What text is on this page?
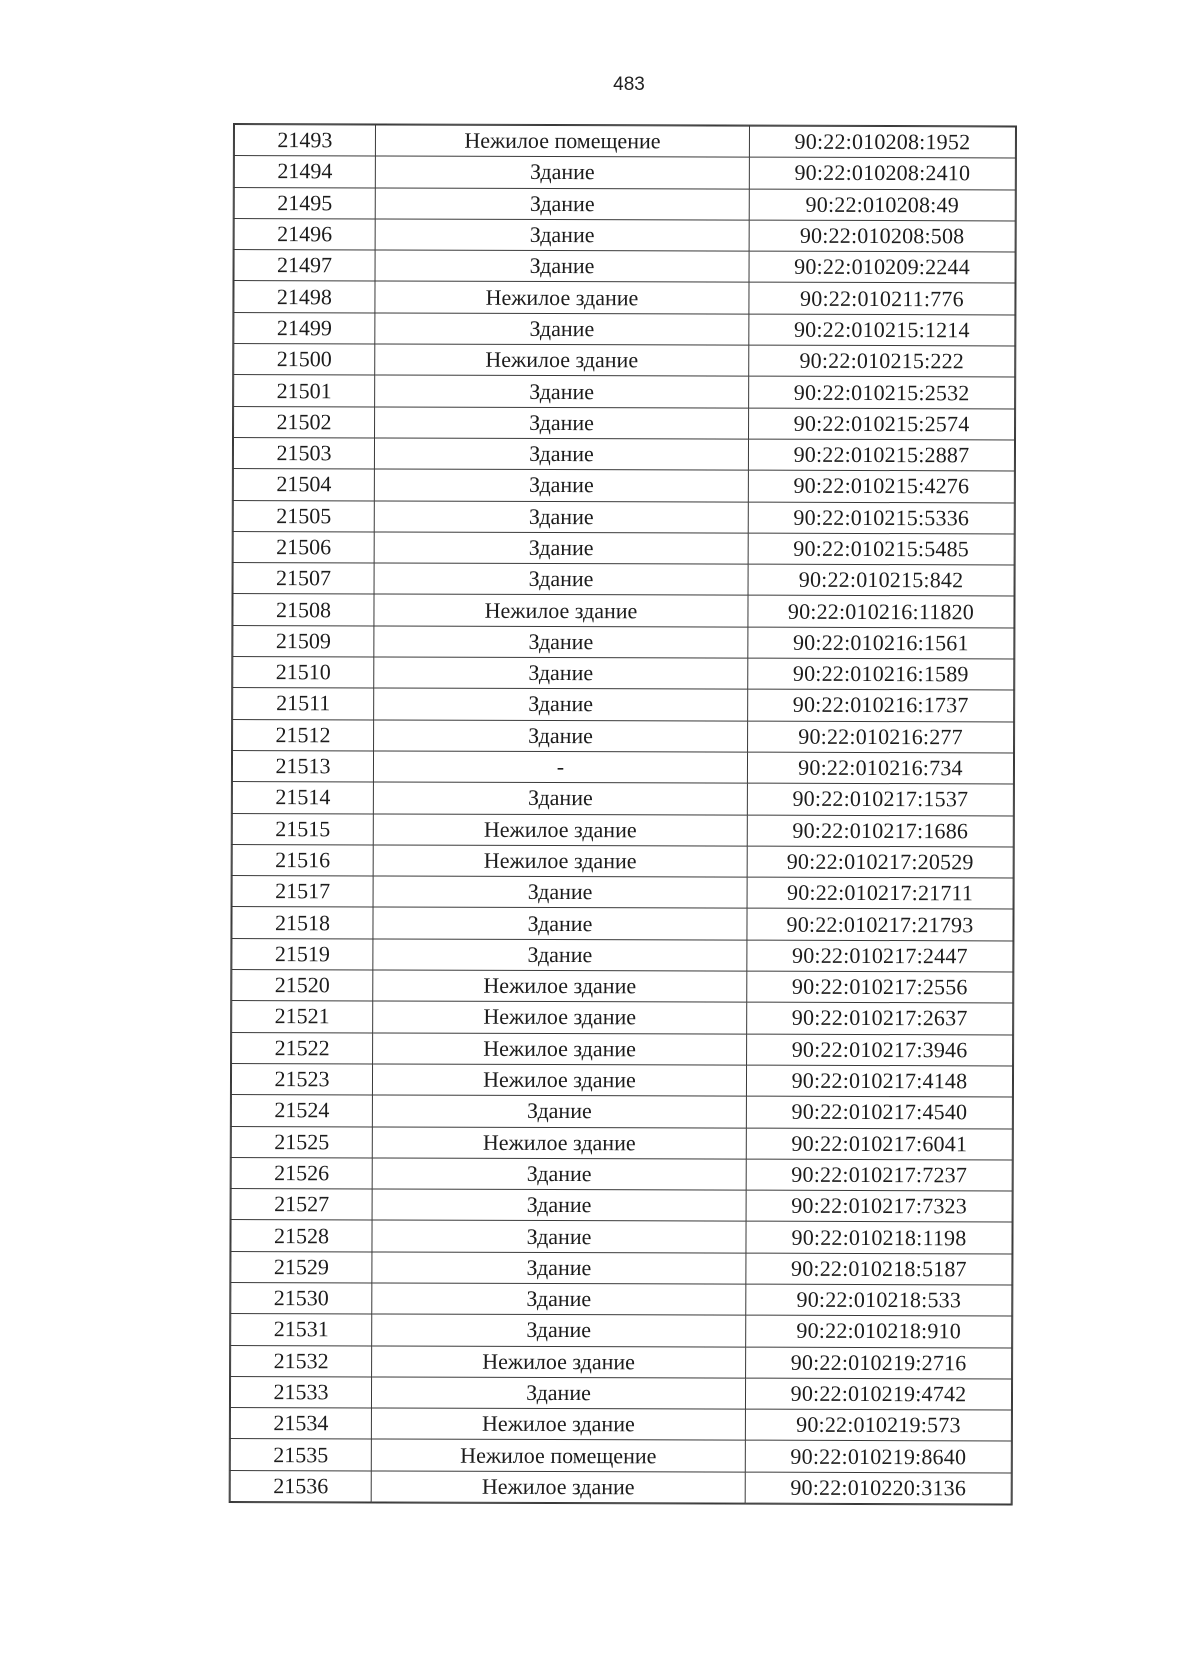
483
21493	Нежилое помещение	90:22:010208:1952
21494	Здание	90:22:010208:2410
21495	Здание	90:22:010208:49
21496	Здание	90:22:010208:508
21497	Здание	90:22:010209:2244
21498	Нежилое здание	90:22:010211:776
21499	Здание	90:22:010215:1214
21500	Нежилое здание	90:22:010215:222
21501	Здание	90:22:010215:2532
21502	Здание	90:22:010215:2574
21503	Здание	90:22:010215:2887
21504	Здание	90:22:010215:4276
21505	Здание	90:22:010215:5336
21506	Здание	90:22:010215:5485
21507	Здание	90:22:010215:842
21508	Нежилое здание	90:22:010216:11820
21509	Здание	90:22:010216:1561
21510	Здание	90:22:010216:1589
21511	Здание	90:22:010216:1737
21512	Здание	90:22:010216:277
21513	-	90:22:010216:734
21514	Здание	90:22:010217:1537
21515	Нежилое здание	90:22:010217:1686
21516	Нежилое здание	90:22:010217:20529
21517	Здание	90:22:010217:21711
21518	Здание	90:22:010217:21793
21519	Здание	90:22:010217:2447
21520	Нежилое здание	90:22:010217:2556
21521	Нежилое здание	90:22:010217:2637
21522	Нежилое здание	90:22:010217:3946
21523	Нежилое здание	90:22:010217:4148
21524	Здание	90:22:010217:4540
21525	Нежилое здание	90:22:010217:6041
21526	Здание	90:22:010217:7237
21527	Здание	90:22:010217:7323
21528	Здание	90:22:010218:1198
21529	Здание	90:22:010218:5187
21530	Здание	90:22:010218:533
21531	Здание	90:22:010218:910
21532	Нежилое здание	90:22:010219:2716
21533	Здание	90:22:010219:4742
21534	Нежилое здание	90:22:010219:573
21535	Нежилое помещение	90:22:010219:8640
21536	Нежилое здание	90:22:010220:3136
